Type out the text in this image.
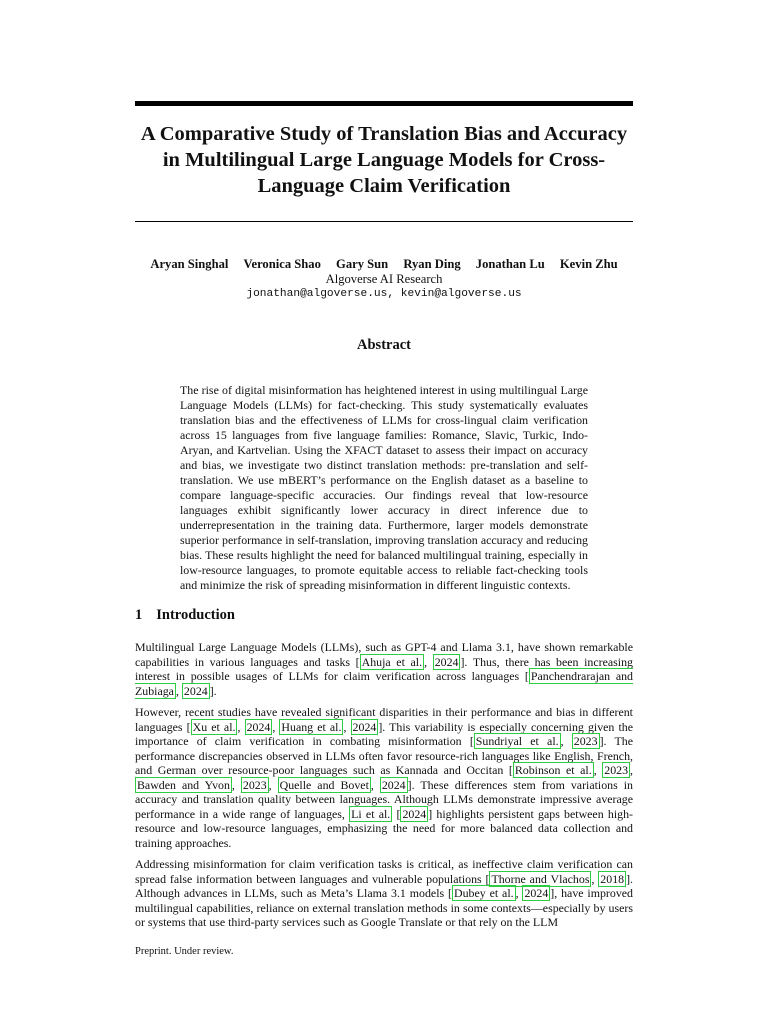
A Comparative Study of Translation Bias and Accuracy in Multilingual Large Language Models for Cross-Language Claim Verification
Aryan Singhal Veronica Shao Gary Sun Ryan Ding Jonathan Lu Kevin Zhu
Algoverse AI Research
jonathan@algoverse.us, kevin@algoverse.us
Abstract

The rise of digital misinformation has heightened interest in using multilingual Large Language Models (LLMs) for fact-checking. This study systematically evaluates translation bias and the effectiveness of LLMs for cross-lingual claim verification across 15 languages from five language families: Romance, Slavic, Turkic, Indo-Aryan, and Kartvelian. Using the XFACT dataset to assess their impact on accuracy and bias, we investigate two distinct translation methods: pre-translation and self-translation. We use mBERT’s performance on the English dataset as a baseline to compare language-specific accuracies. Our findings reveal that low-resource languages exhibit significantly lower accuracy in direct inference due to underrepresentation in the training data. Furthermore, larger models demonstrate superior performance in self-translation, improving translation accuracy and reducing bias. These results highlight the need for balanced multilingual training, especially in low-resource languages, to promote equitable access to reliable fact-checking tools and minimize the risk of spreading misinformation in different linguistic contexts.

1 Introduction

Multilingual Large Language Models (LLMs), such as GPT-4 and Llama 3.1, have shown remarkable capabilities in various languages and tasks [ Ahuja et al. , 2024 ]. Thus, there has been increasing interest in possible usages of LLMs for claim verification across languages [ Panchendrarajan and Zubiaga , 2024 ].

However, recent studies have revealed significant disparities in their performance and bias in different languages [ Xu et al. , 2024 , Huang et al. , 2024 ]. This variability is especially concerning given the importance of claim verification in combating misinformation [ Sundriyal et al. , 2023 ]. The performance discrepancies observed in LLMs often favor resource-rich languages like English, French, and German over resource-poor languages such as Kannada and Occitan [ Robinson et al. , 2023 , Bawden and Yvon , 2023 , Quelle and Bovet , 2024 ]. These differences stem from variations in accuracy and translation quality between languages. Although LLMs demonstrate impressive average performance in a wide range of languages, Li et al. [ 2024 ] highlights persistent gaps between high-resource and low-resource languages, emphasizing the need for more balanced data collection and training approaches.

Addressing misinformation for claim verification tasks is critical, as ineffective claim verification can spread false information between languages and vulnerable populations [ Thorne and Vlachos , 2018 ]. Although advances in LLMs, such as Meta’s Llama 3.1 models [ Dubey et al. , 2024 ], have improved multilingual capabilities, reliance on external translation methods in some contexts—especially by users or systems that use third-party services such as Google Translate or that rely on the LLM

Preprint. Under review.
